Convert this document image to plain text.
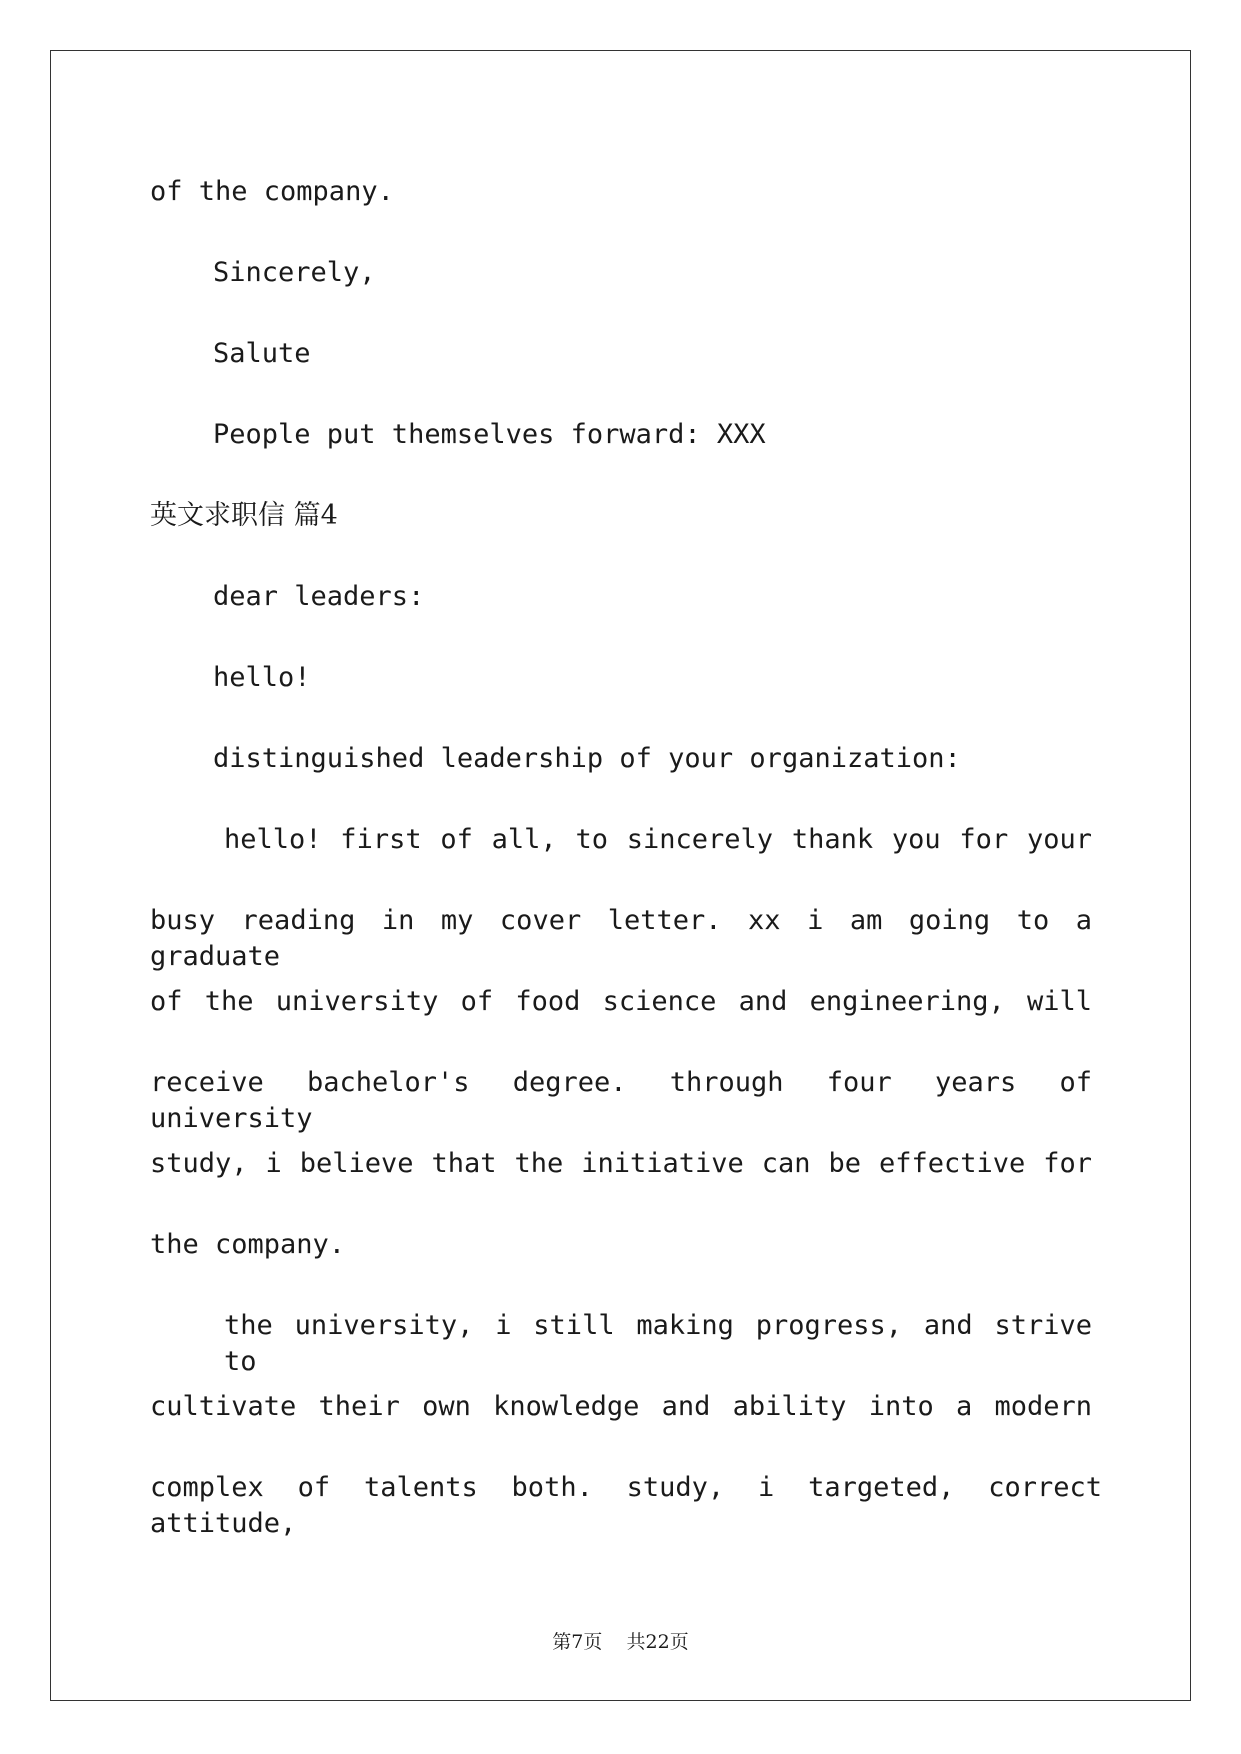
of the company.

Sincerely,

Salute

People put themselves forward: XXX

英文求职信 篇4

dear leaders:

hello!

distinguished leadership of your organization:

hello! first of all, to sincerely thank you for your

busy reading in my cover letter. xx i am going to a graduate

of the university of food science and engineering, will

receive bachelor's degree. through four years of university

study, i believe that the initiative can be effective for

the company.

the university, i still making progress, and strive to

cultivate their own knowledge and ability into a modern

complex of talents both. study, i targeted, correct attitude,

第7页 共22页
